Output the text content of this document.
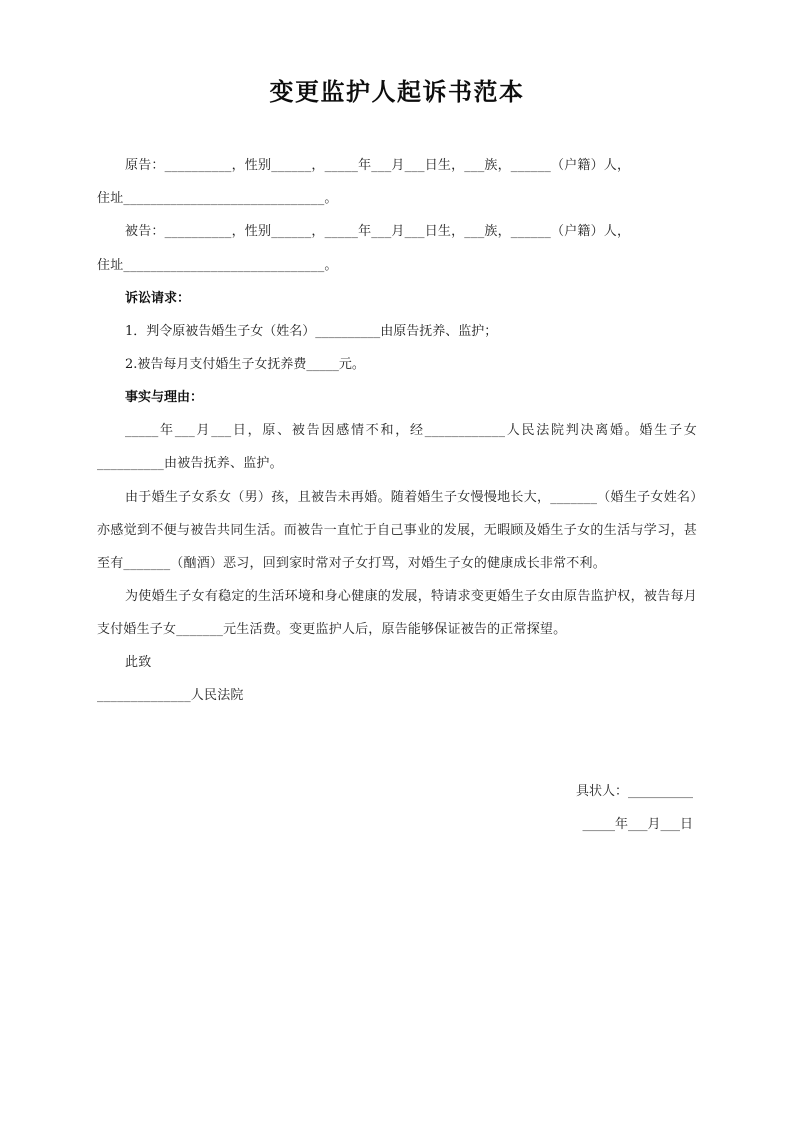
变更监护人起诉书范本

原告：__________，性别______，_____年___月___日生，___族，______（户籍）人，

住址______________________________。

被告：__________，性别______，_____年___月___日生，___族，______（户籍）人，

住址______________________________。

诉讼请求：

1．判令原被告婚生子女（姓名）__________由原告抚养、监护；

2.被告每月支付婚生子女抚养费_____元。

事实与理由：

_____年___月___日，原、被告因感情不和，经____________人民法院判决离婚。婚生子女__________由被告抚养、监护。

由于婚生子女系女（男）孩，且被告未再婚。随着婚生子女慢慢地长大，_______（婚生子女姓名）亦感觉到不便与被告共同生活。而被告一直忙于自己事业的发展，无暇顾及婚生子女的生活与学习，甚至有_______（酗酒）恶习，回到家时常对子女打骂，对婚生子女的健康成长非常不利。

为使婚生子女有稳定的生活环境和身心健康的发展，特请求变更婚生子女由原告监护权，被告每月支付婚生子女_______元生活费。变更监护人后，原告能够保证被告的正常探望。

此致

______________人民法院

具状人：__________

_____年___月___日
